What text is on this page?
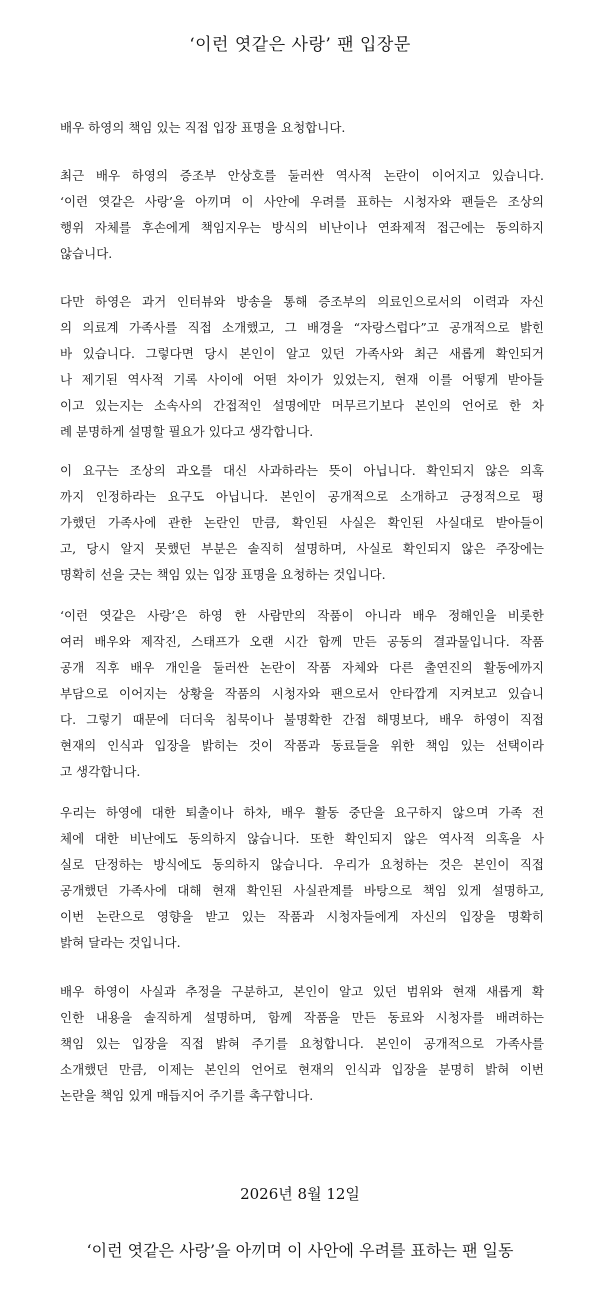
‘이런 엿같은 사랑’ 팬 입장문

배우 하영의 책임 있는 직접 입장 표명을 요청합니다.

최근 배우 하영의 증조부 안상호를 둘러싼 역사적 논란이 이어지고 있습니다.
‘이런 엿같은 사랑’을 아끼며 이 사안에 우려를 표하는 시청자와 팬들은 조상의
행위 자체를 후손에게 책임지우는 방식의 비난이나 연좌제적 접근에는 동의하지
않습니다.

다만 하영은 과거 인터뷰와 방송을 통해 증조부의 의료인으로서의 이력과 자신
의 의료계 가족사를 직접 소개했고, 그 배경을 “자랑스럽다”고 공개적으로 밝힌
바 있습니다. 그렇다면 당시 본인이 알고 있던 가족사와 최근 새롭게 확인되거
나 제기된 역사적 기록 사이에 어떤 차이가 있었는지, 현재 이를 어떻게 받아들
이고 있는지는 소속사의 간접적인 설명에만 머무르기보다 본인의 언어로 한 차
례 분명하게 설명할 필요가 있다고 생각합니다.

이 요구는 조상의 과오를 대신 사과하라는 뜻이 아닙니다. 확인되지 않은 의혹
까지 인정하라는 요구도 아닙니다. 본인이 공개적으로 소개하고 긍정적으로 평
가했던 가족사에 관한 논란인 만큼, 확인된 사실은 확인된 사실대로 받아들이
고, 당시 알지 못했던 부분은 솔직히 설명하며, 사실로 확인되지 않은 주장에는
명확히 선을 긋는 책임 있는 입장 표명을 요청하는 것입니다.

‘이런 엿같은 사랑’은 하영 한 사람만의 작품이 아니라 배우 정해인을 비롯한
여러 배우와 제작진, 스태프가 오랜 시간 함께 만든 공동의 결과물입니다. 작품
공개 직후 배우 개인을 둘러싼 논란이 작품 자체와 다른 출연진의 활동에까지
부담으로 이어지는 상황을 작품의 시청자와 팬으로서 안타깝게 지켜보고 있습니
다. 그렇기 때문에 더더욱 침묵이나 불명확한 간접 해명보다, 배우 하영이 직접
현재의 인식과 입장을 밝히는 것이 작품과 동료들을 위한 책임 있는 선택이라
고 생각합니다.

우리는 하영에 대한 퇴출이나 하차, 배우 활동 중단을 요구하지 않으며 가족 전
체에 대한 비난에도 동의하지 않습니다. 또한 확인되지 않은 역사적 의혹을 사
실로 단정하는 방식에도 동의하지 않습니다. 우리가 요청하는 것은 본인이 직접
공개했던 가족사에 대해 현재 확인된 사실관계를 바탕으로 책임 있게 설명하고,
이번 논란으로 영향을 받고 있는 작품과 시청자들에게 자신의 입장을 명확히
밝혀 달라는 것입니다.

배우 하영이 사실과 추정을 구분하고, 본인이 알고 있던 범위와 현재 새롭게 확
인한 내용을 솔직하게 설명하며, 함께 작품을 만든 동료와 시청자를 배려하는
책임 있는 입장을 직접 밝혀 주기를 요청합니다. 본인이 공개적으로 가족사를
소개했던 만큼, 이제는 본인의 언어로 현재의 인식과 입장을 분명히 밝혀 이번
논란을 책임 있게 매듭지어 주기를 촉구합니다.

2026년 8월 12일

‘이런 엿같은 사랑’을 아끼며 이 사안에 우려를 표하는 팬 일동
